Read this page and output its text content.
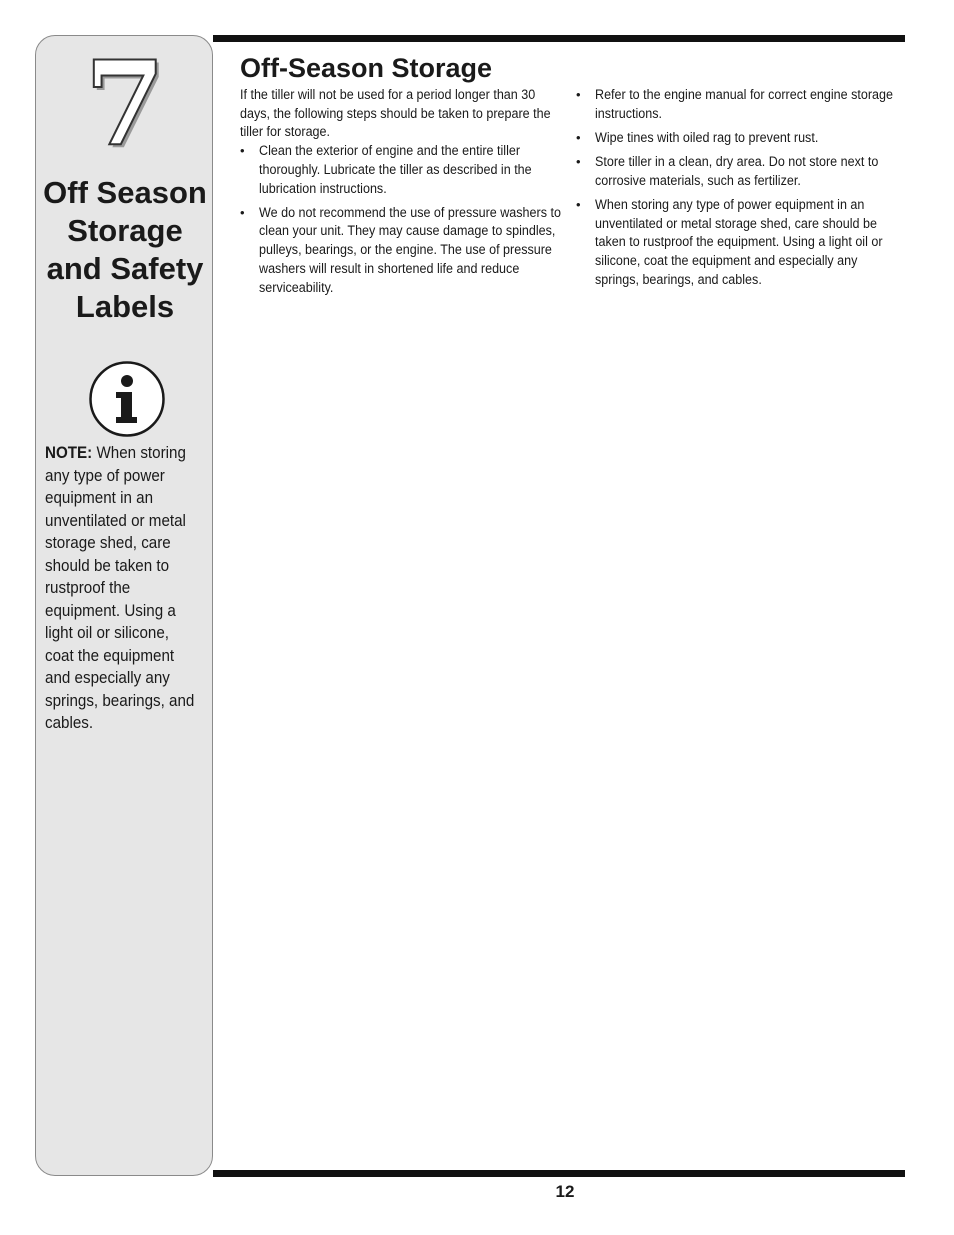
7
Off Season Storage and Safety Labels
NOTE: When storing any type of power equipment in an unventilated or metal storage shed, care should be taken to rustproof the equipment. Using a light oil or silicone, coat the equipment and especially any springs, bearings, and cables.
Off-Season Storage

If the tiller will not be used for a period longer than 30 days, the following steps should be taken to prepare the tiller for storage.

• Clean the exterior of engine and the entire tiller thoroughly. Lubricate the tiller as described in the lubrication instructions.
• We do not recommend the use of pressure washers to clean your unit. They may cause damage to spindles, pulleys, bearings, or the engine. The use of pressure washers will result in shortened life and reduce serviceability.
• Refer to the engine manual for correct engine storage instructions.
• Wipe tines with oiled rag to prevent rust.
• Store tiller in a clean, dry area. Do not store next to corrosive materials, such as fertilizer.
• When storing any type of power equipment in an unventilated or metal storage shed, care should be taken to rustproof the equipment. Using a light oil or silicone, coat the equipment and especially any springs, bearings, and cables.
12
